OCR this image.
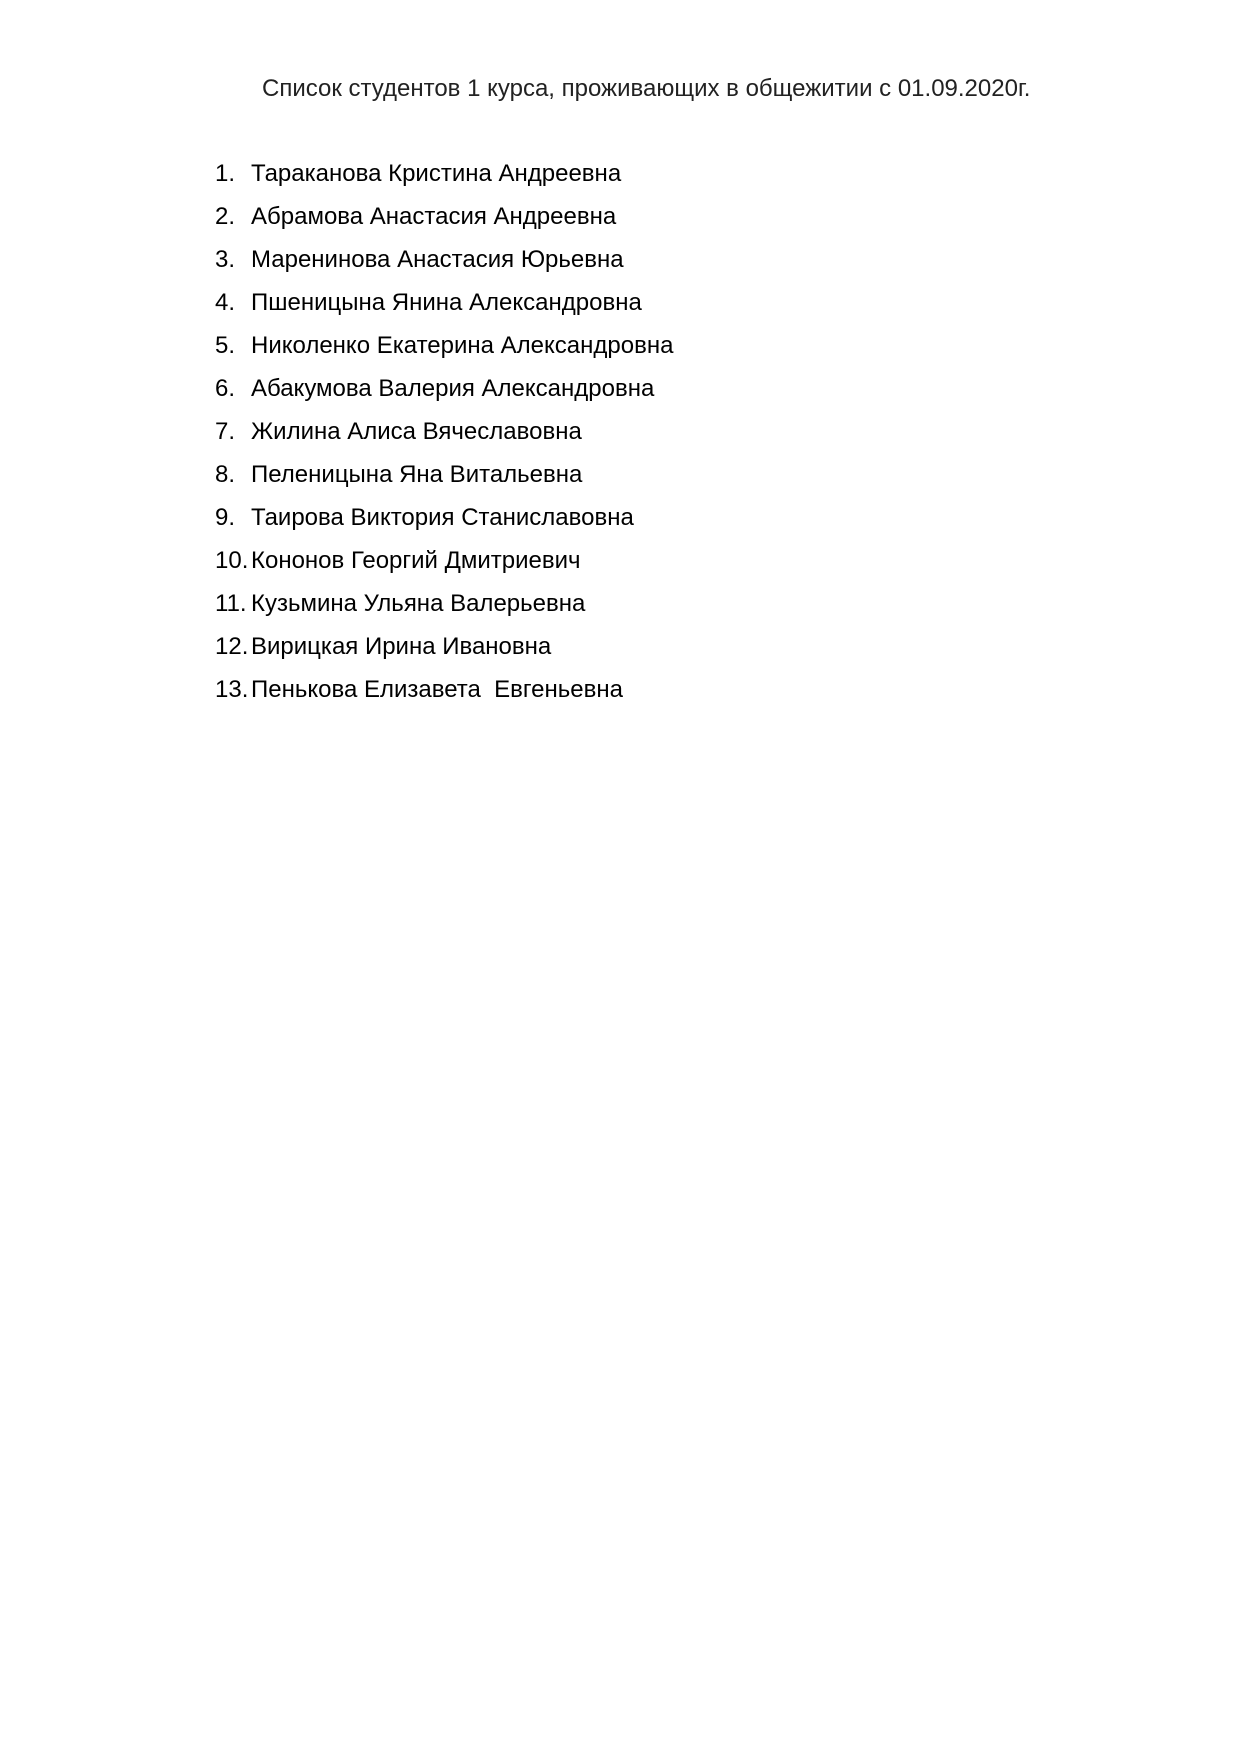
Список студентов 1 курса, проживающих в общежитии с 01.09.2020г.

1.

Тараканова Кристина Андреевна

2.

Абрамова Анастасия Андреевна

3.

Маренинова Анастасия Юрьевна

4.

Пшеницына Янина Александровна

5.

Николенко Екатерина Александровна

6.

Абакумова Валерия Александровна

7.

Жилина Алиса Вячеславовна

8.

Пеленицына Яна Витальевна

9.

Таирова Виктория Станиславовна

10.

Кононов Георгий Дмитриевич

11.

Кузьмина Ульяна Валерьевна

12.

Вирицкая Ирина Ивановна

13.

Пенькова Елизавета  Евгеньевна
